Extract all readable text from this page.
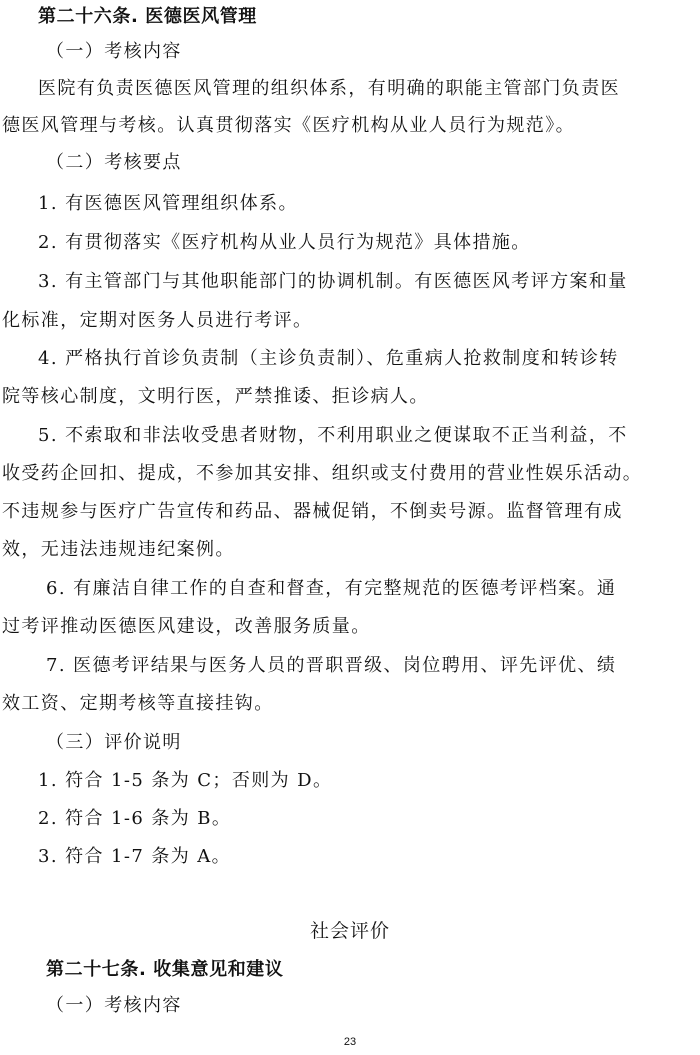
第二十六条. 医德医风管理
（一）考核内容
医院有负责医德医风管理的组织体系，有明确的职能主管部门负责医
德医风管理与考核。认真贯彻落实《医疗机构从业人员行为规范》。
（二）考核要点
1. 有医德医风管理组织体系。
2. 有贯彻落实《医疗机构从业人员行为规范》具体措施。
3. 有主管部门与其他职能部门的协调机制。有医德医风考评方案和量
化标准，定期对医务人员进行考评。
4. 严格执行首诊负责制（主诊负责制）、危重病人抢救制度和转诊转
院等核心制度，文明行医，严禁推诿、拒诊病人。
5. 不索取和非法收受患者财物，不利用职业之便谋取不正当利益，不
收受药企回扣、提成，不参加其安排、组织或支付费用的营业性娱乐活动。
不违规参与医疗广告宣传和药品、器械促销，不倒卖号源。监督管理有成
效，无违法违规违纪案例。
6. 有廉洁自律工作的自查和督查，有完整规范的医德考评档案。通
过考评推动医德医风建设，改善服务质量。
7. 医德考评结果与医务人员的晋职晋级、岗位聘用、评先评优、绩
效工资、定期考核等直接挂钩。
（三）评价说明
1. 符合 1-5 条为 C；否则为 D。
2. 符合 1-6 条为 B。
3. 符合 1-7 条为 A。
社会评价
第二十七条. 收集意见和建议
（一）考核内容
23
